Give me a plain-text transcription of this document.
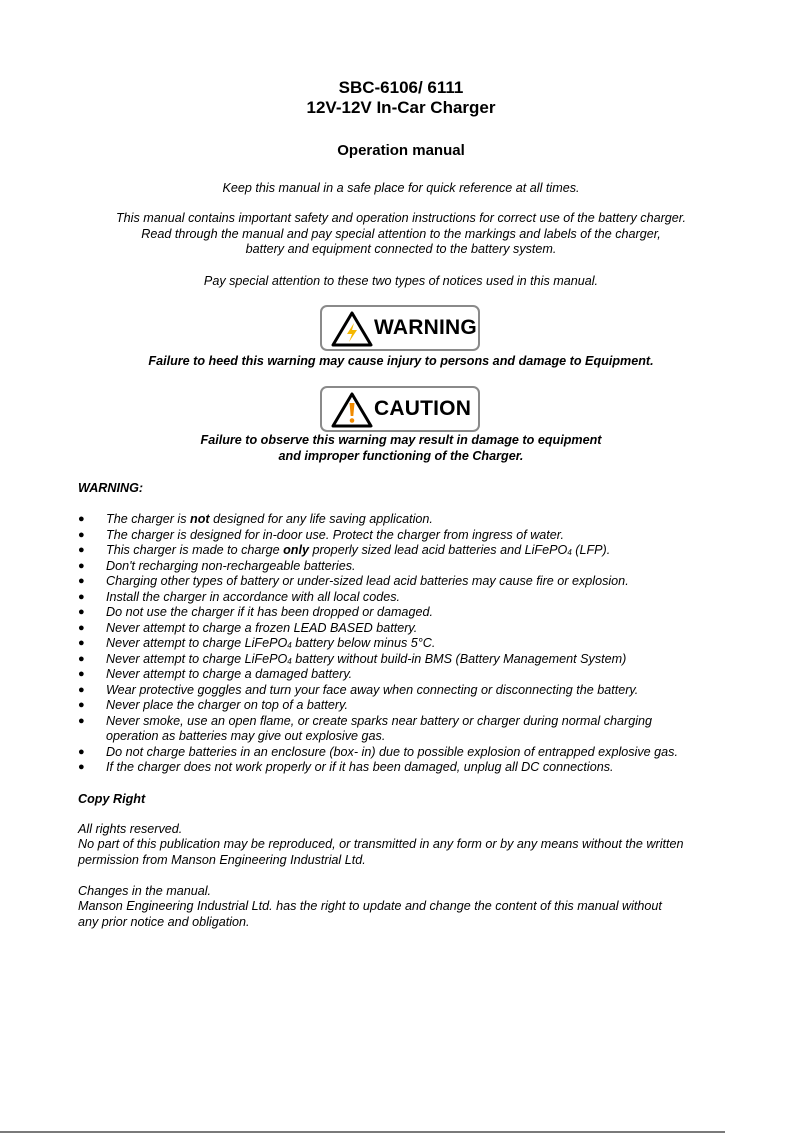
SBC-6106/ 6111
12V-12V In-Car Charger
Operation manual
Keep this manual in a safe place for quick reference at all times.
This manual contains important safety and operation instructions for correct use of the battery charger.
Read through the manual and pay special attention to the markings and labels of the charger,
battery and equipment connected to the battery system.
Pay special attention to these two types of notices used in this manual.
WARNING
Failure to heed this warning may cause injury to persons and damage to Equipment.
CAUTION
Failure to observe this warning may result in damage to equipment
and improper functioning of the Charger.
WARNING:
● The charger is not designed for any life saving application.
● The charger is designed for in-door use. Protect the charger from ingress of water.
● This charger is made to charge only properly sized lead acid batteries and LiFePO$_4$ (LFP).
● Don't recharging non-rechargeable batteries.
● Charging other types of battery or under-sized lead acid batteries may cause fire or explosion.
● Install the charger in accordance with all local codes.
● Do not use the charger if it has been dropped or damaged.
● Never attempt to charge a frozen LEAD BASED battery.
● Never attempt to charge LiFePO$_4$ battery below minus 5°C.
● Never attempt to charge LiFePO$_4$ battery without build-in BMS (Battery Management System)
● Never attempt to charge a damaged battery.
● Wear protective goggles and turn your face away when connecting or disconnecting the battery.
● Never place the charger on top of a battery.
● Never smoke, use an open flame, or create sparks near battery or charger during normal charging
operation as batteries may give out explosive gas.
● Do not charge batteries in an enclosure (box- in) due to possible explosion of entrapped explosive gas.
● If the charger does not work properly or if it has been damaged, unplug all DC connections.
Copy Right
All rights reserved.
No part of this publication may be reproduced, or transmitted in any form or by any means without the written
permission from Manson Engineering Industrial Ltd.
Changes in the manual.
Manson Engineering Industrial Ltd. has the right to update and change the content of this manual without
any prior notice and obligation.
